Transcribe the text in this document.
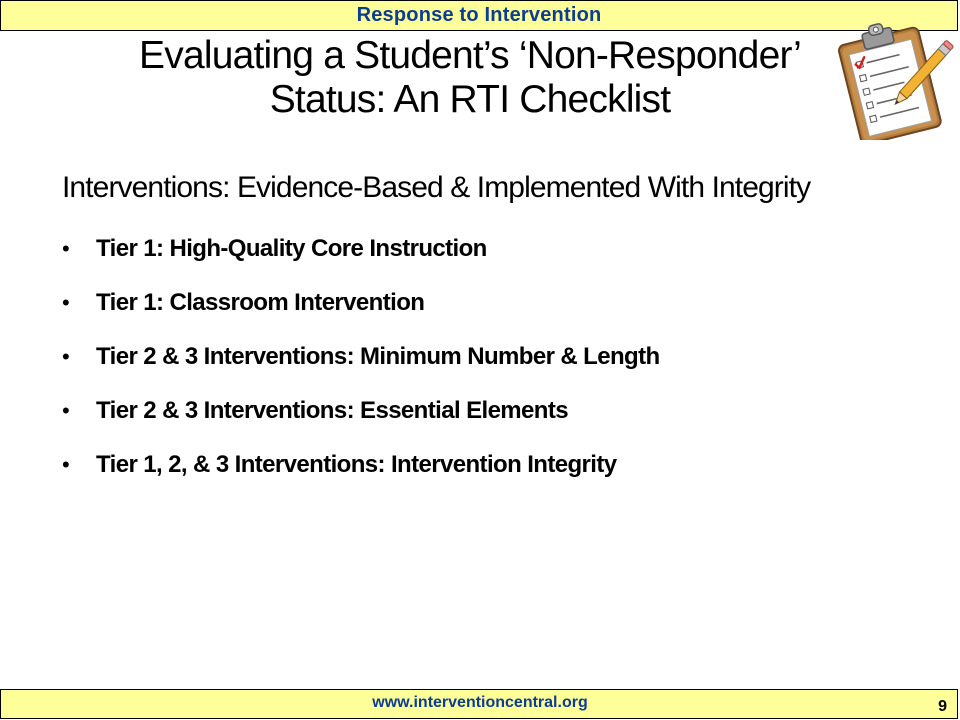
Response to Intervention
Evaluating a Student’s ‘Non-Responder’
Status: An RTI Checklist

Interventions: Evidence-Based & Implemented With Integrity

• Tier 1: High-Quality Core Instruction
• Tier 1: Classroom Intervention
• Tier 2 & 3 Interventions: Minimum Number & Length
• Tier 2 & 3 Interventions: Essential Elements
• Tier 1, 2, & 3 Interventions: Intervention Integrity
www.interventioncentral.org	9
